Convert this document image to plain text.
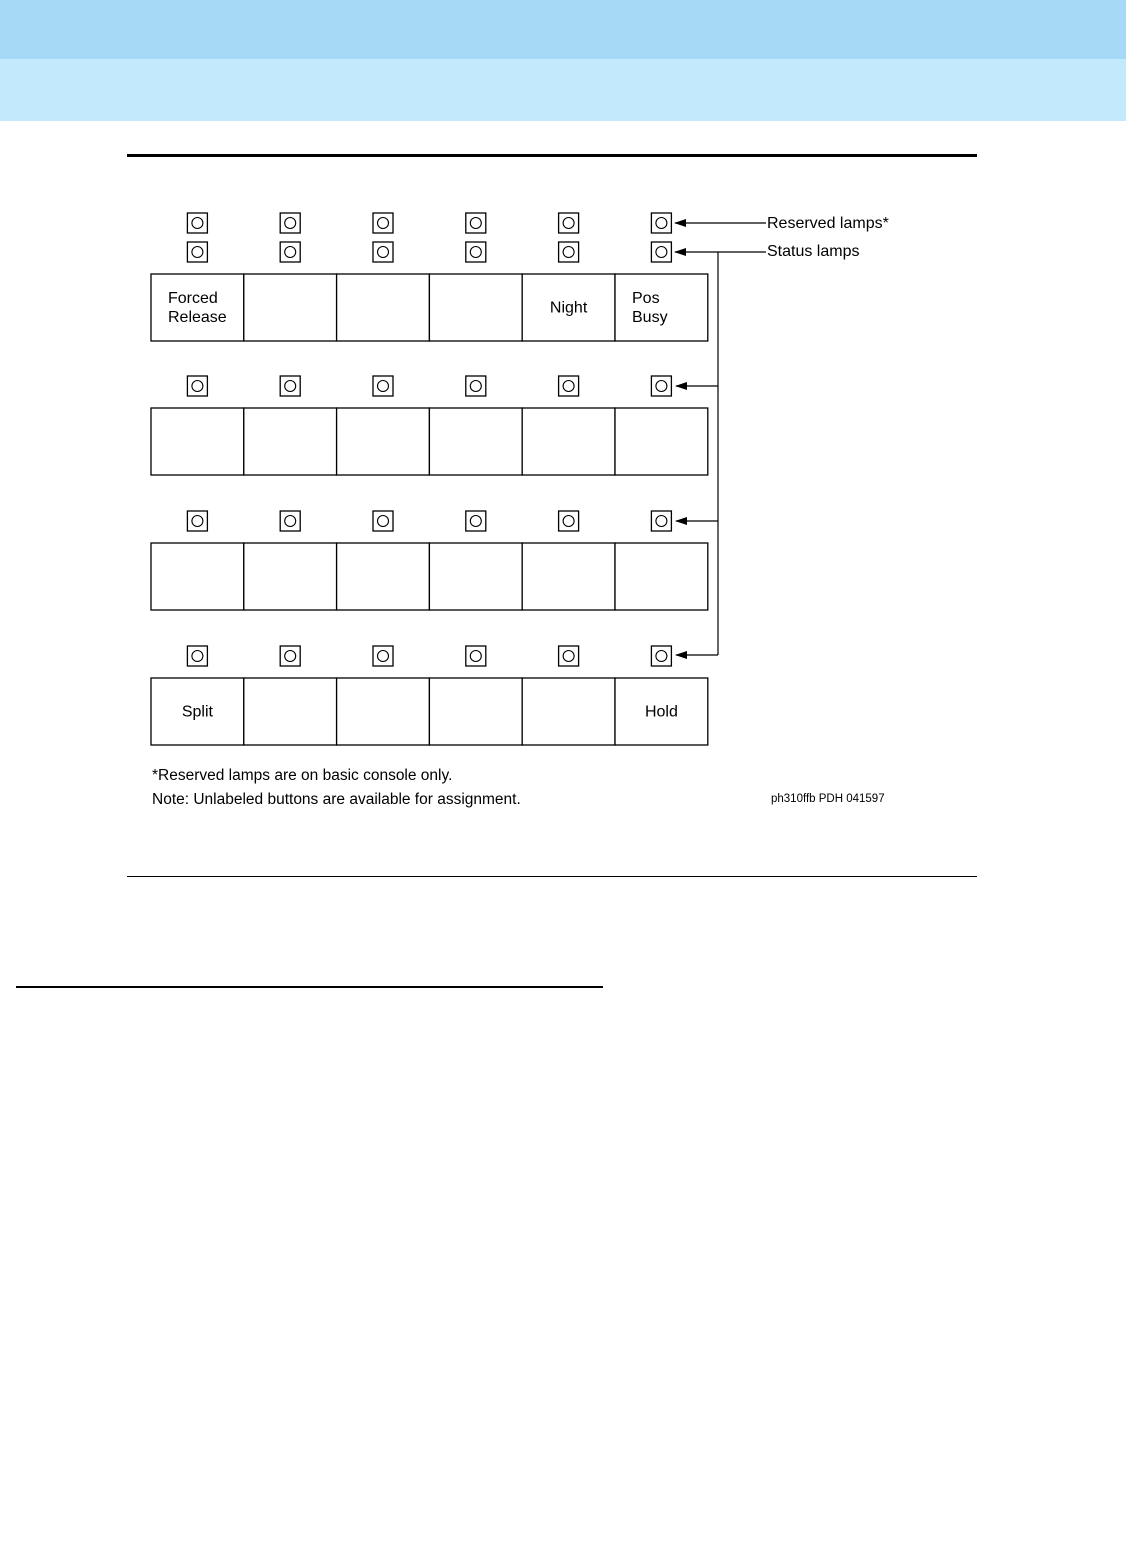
Forced
Release
Night
Pos
Busy
Split	Hold
Reserved lamps*
Status lamps
*Reserved lamps are on basic console only.
Note: Unlabeled buttons are available for assignment.	ph310ffb PDH 041597
